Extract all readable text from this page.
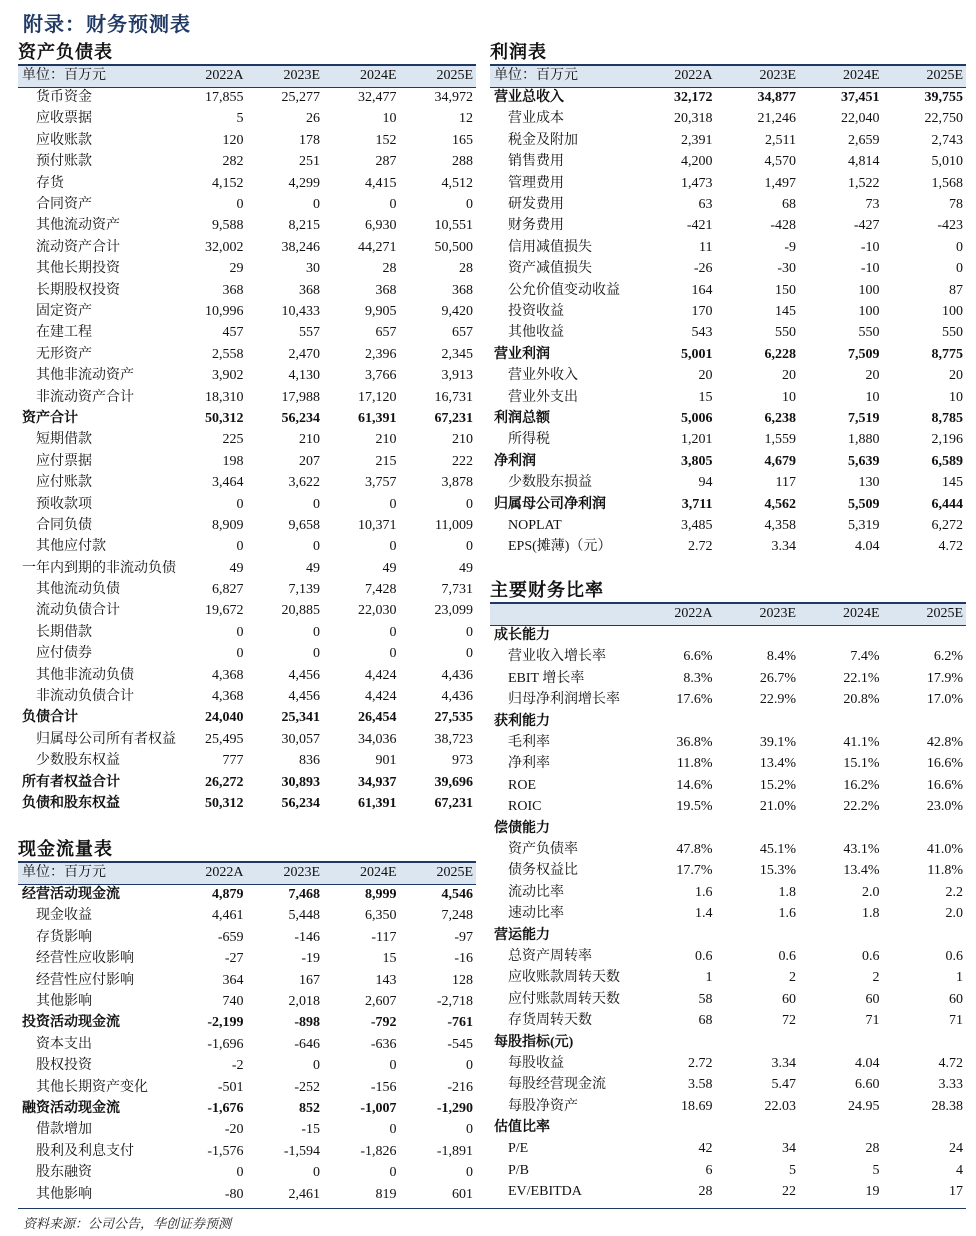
附录：财务预测表
资产负债表
单位：百万元	2022A	2023E	2024E	2025E
货币资金	17,855	25,277	32,477	34,972
应收票据	5	26	10	12
应收账款	120	178	152	165
预付账款	282	251	287	288
存货	4,152	4,299	4,415	4,512
合同资产	0	0	0	0
其他流动资产	9,588	8,215	6,930	10,551
流动资产合计	32,002	38,246	44,271	50,500
其他长期投资	29	30	28	28
长期股权投资	368	368	368	368
固定资产	10,996	10,433	9,905	9,420
在建工程	457	557	657	657
无形资产	2,558	2,470	2,396	2,345
其他非流动资产	3,902	4,130	3,766	3,913
非流动资产合计	18,310	17,988	17,120	16,731
资产合计	50,312	56,234	61,391	67,231
短期借款	225	210	210	210
应付票据	198	207	215	222
应付账款	3,464	3,622	3,757	3,878
预收款项	0	0	0	0
合同负债	8,909	9,658	10,371	11,009
其他应付款	0	0	0	0
一年内到期的非流动负债	49	49	49	49
其他流动负债	6,827	7,139	7,428	7,731
流动负债合计	19,672	20,885	22,030	23,099
长期借款	0	0	0	0
应付债券	0	0	0	0
其他非流动负债	4,368	4,456	4,424	4,436
非流动负债合计	4,368	4,456	4,424	4,436
负债合计	24,040	25,341	26,454	27,535
归属母公司所有者权益	25,495	30,057	34,036	38,723
少数股东权益	777	836	901	973
所有者权益合计	26,272	30,893	34,937	39,696
负债和股东权益	50,312	56,234	61,391	67,231
现金流量表
单位：百万元	2022A	2023E	2024E	2025E
经营活动现金流	4,879	7,468	8,999	4,546
现金收益	4,461	5,448	6,350	7,248
存货影响	-659	-146	-117	-97
经营性应收影响	-27	-19	15	-16
经营性应付影响	364	167	143	128
其他影响	740	2,018	2,607	-2,718
投资活动现金流	-2,199	-898	-792	-761
资本支出	-1,696	-646	-636	-545
股权投资	-2	0	0	0
其他长期资产变化	-501	-252	-156	-216
融资活动现金流	-1,676	852	-1,007	-1,290
借款增加	-20	-15	0	0
股利及利息支付	-1,576	-1,594	-1,826	-1,891
股东融资	0	0	0	0
其他影响	-80	2,461	819	601
利润表
单位：百万元	2022A	2023E	2024E	2025E
营业总收入	32,172	34,877	37,451	39,755
营业成本	20,318	21,246	22,040	22,750
税金及附加	2,391	2,511	2,659	2,743
销售费用	4,200	4,570	4,814	5,010
管理费用	1,473	1,497	1,522	1,568
研发费用	63	68	73	78
财务费用	-421	-428	-427	-423
信用减值损失	11	-9	-10	0
资产减值损失	-26	-30	-10	0
公允价值变动收益	164	150	100	87
投资收益	170	145	100	100
其他收益	543	550	550	550
营业利润	5,001	6,228	7,509	8,775
营业外收入	20	20	20	20
营业外支出	15	10	10	10
利润总额	5,006	6,238	7,519	8,785
所得税	1,201	1,559	1,880	2,196
净利润	3,805	4,679	5,639	6,589
少数股东损益	94	117	130	145
归属母公司净利润	3,711	4,562	5,509	6,444
NOPLAT	3,485	4,358	5,319	6,272
EPS(摊薄)（元）	2.72	3.34	4.04	4.72
主要财务比率
	2022A	2023E	2024E	2025E
成长能力				
营业收入增长率	6.6%	8.4%	7.4%	6.2%
EBIT 增长率	8.3%	26.7%	22.1%	17.9%
归母净利润增长率	17.6%	22.9%	20.8%	17.0%
获利能力				
毛利率	36.8%	39.1%	41.1%	42.8%
净利率	11.8%	13.4%	15.1%	16.6%
ROE	14.6%	15.2%	16.2%	16.6%
ROIC	19.5%	21.0%	22.2%	23.0%
偿债能力				
资产负债率	47.8%	45.1%	43.1%	41.0%
债务权益比	17.7%	15.3%	13.4%	11.8%
流动比率	1.6	1.8	2.0	2.2
速动比率	1.4	1.6	1.8	2.0
营运能力				
总资产周转率	0.6	0.6	0.6	0.6
应收账款周转天数	1	2	2	1
应付账款周转天数	58	60	60	60
存货周转天数	68	72	71	71
每股指标(元)				
每股收益	2.72	3.34	4.04	4.72
每股经营现金流	3.58	5.47	6.60	3.33
每股净资产	18.69	22.03	24.95	28.38
估值比率				
P/E	42	34	28	24
P/B	6	5	5	4
EV/EBITDA	28	22	19	17
资料来源：公司公告，华创证券预测
